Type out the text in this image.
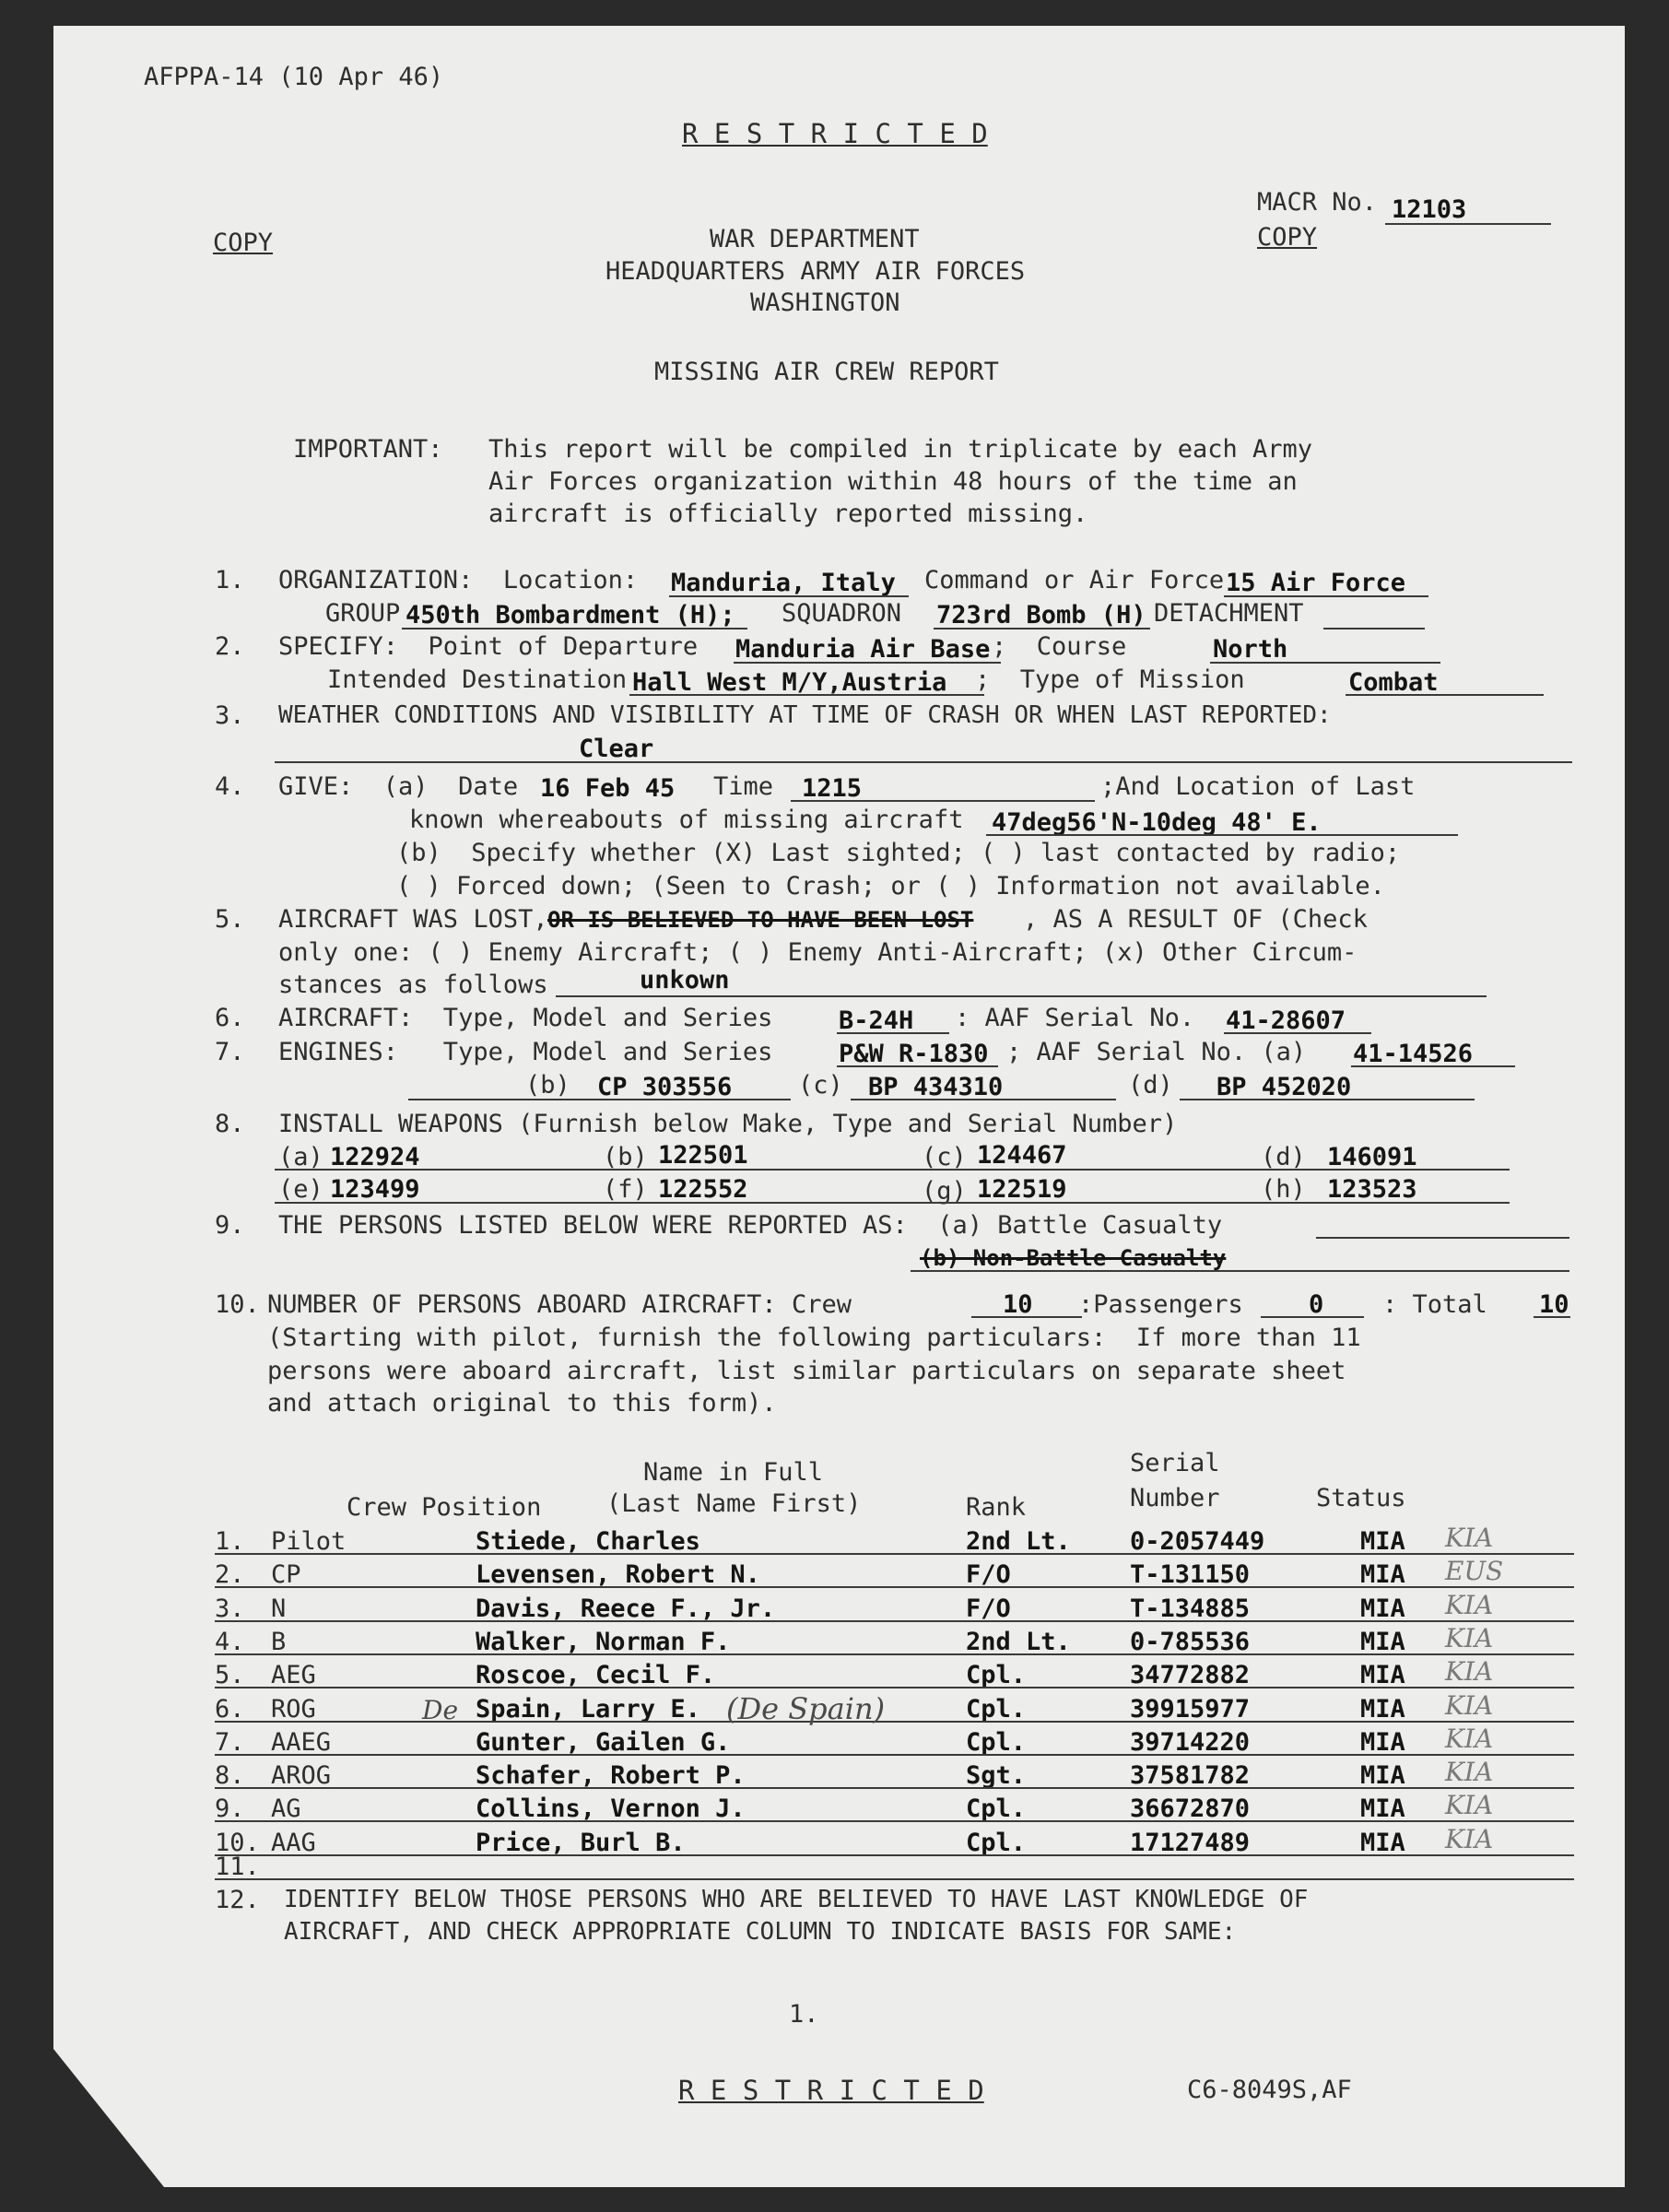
AFPPA-14 (10 Apr 46)
R E S T R I C T E D
MACR No. 12103
COPY
COPY	WAR DEPARTMENT
HEADQUARTERS ARMY AIR FORCES
WASHINGTON
MISSING AIR CREW REPORT
IMPORTANT: This report will be compiled in triplicate by each Army
Air Forces organization within 48 hours of the time an
aircraft is officially reported missing.
1. ORGANIZATION:  Location: Manduria, Italy Command or Air Force 15 Air Force
GROUP 450th Bombardment (H); SQUADRON 723rd Bomb (H) DETACHMENT
2. SPECIFY:  Point of Departure Manduria Air Base ;  Course	North
Intended Destination Hall West M/Y,Austria ;  Type of Mission	Combat
3. WEATHER CONDITIONS AND VISIBILITY AT TIME OF CRASH OR WHEN LAST REPORTED:
Clear
4. GIVE:  (a)  Date 16 Feb 45 Time 1215	;And Location of Last
known whereabouts of missing aircraft 47deg56'N-10deg 48' E.
(b)  Specify whether (X) Last sighted; ( ) last contacted by radio;
( ) Forced down; (Seen to Crash; or ( ) Information not available.
5. AIRCRAFT WAS LOST, OR IS BELIEVED TO HAVE BEEN LOST , AS A RESULT OF (Check
only one: ( ) Enemy Aircraft; ( ) Enemy Anti-Aircraft; (x) Other Circum-
stances as follows	unkown
6. AIRCRAFT:  Type, Model and Series	B-24H : AAF Serial No. 41-28607
7. ENGINES:   Type, Model and Series	P&W R-1830 ; AAF Serial No. (a) 41-14526
(b) CP 303556	(c) BP 434310	(d) BP 452020
8. INSTALL WEAPONS (Furnish below Make, Type and Serial Number)
(a) 122924	(b) 122501	(c) 124467	(d) 146091
(e) 123499	(f) 122552	(g) 122519	(h) 123523
9. THE PERSONS LISTED BELOW WERE REPORTED AS:  (a) Battle Casualty
(b) Non-Battle Casualty
10. NUMBER OF PERSONS ABOARD AIRCRAFT: Crew	10 :Passengers	0 : Total 10
(Starting with pilot, furnish the following particulars:  If more than 11
persons were aboard aircraft, list similar particulars on separate sheet
and attach original to this form).
Name in Full	Serial
Crew Position	(Last Name First)	Rank	Number	Status
1. Pilot	Stiede, Charles	2nd Lt. 0-2057449	MIA KIA
2. CP	Levensen, Robert N.	F/O	T-131150	MIA EUS
3. N	Davis, Reece F., Jr.	F/O	T-134885	MIA KIA
4. B	Walker, Norman F.	2nd Lt. 0-785536	MIA KIA
5. AEG	Roscoe, Cecil F.	Cpl.	34772882	MIA KIA
6. ROG	Spain, Larry E.	Cpl.	39915977	MIA KIA
7. AAEG	Gunter, Gailen G.	Cpl.	39714220	MIA KIA
8. AROG	Schafer, Robert P.	Sgt.	37581782	MIA KIA
9. AG	Collins, Vernon J.	Cpl.	36672870	MIA KIA
10. AAG	Price, Burl B.	Cpl.	17127489	MIA KIA
11.
De	(De Spain)
12. IDENTIFY BELOW THOSE PERSONS WHO ARE BELIEVED TO HAVE LAST KNOWLEDGE OF
AIRCRAFT, AND CHECK APPROPRIATE COLUMN TO INDICATE BASIS FOR SAME:
1.
R E S T R I C T E D	C6-8049S,AF
